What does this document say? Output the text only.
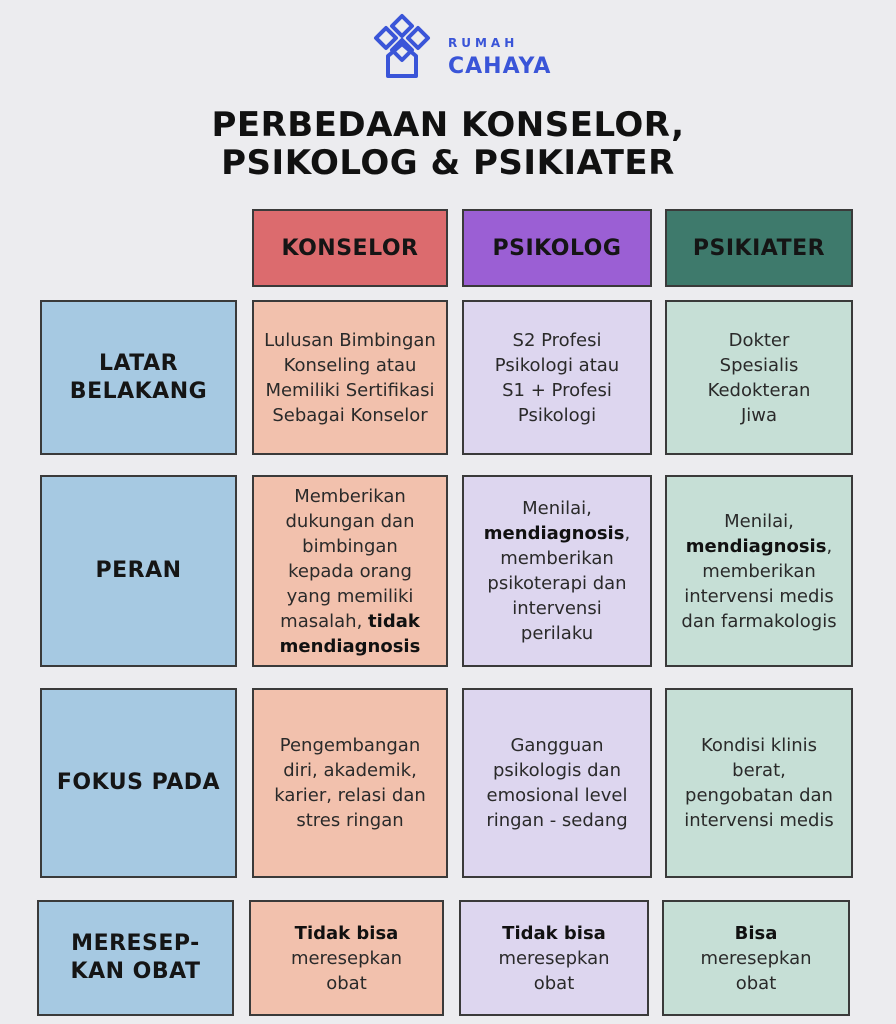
RUMAH
CAHAYA
PERBEDAAN KONSELOR,
PSIKOLOG & PSIKIATER
KONSELOR	PSIKOLOG	PSIKIATER
LATAR
BELAKANG
Lulusan Bimbingan Konseling atau Memiliki Sertifikasi Sebagai Konselor
S2 Profesi Psikologi atau S1 + Profesi Psikologi
Dokter Spesialis Kedokteran Jiwa
PERAN
Memberikan dukungan dan bimbingan kepada orang yang memiliki masalah, tidak mendiagnosis
Menilai, mendiagnosis, memberikan psikoterapi dan intervensi perilaku
Menilai, mendiagnosis, memberikan intervensi medis dan farmakologis
FOKUS PADA
Pengembangan diri, akademik, karier, relasi dan stres ringan
Gangguan psikologis dan emosional level ringan - sedang
Kondisi klinis berat, pengobatan dan intervensi medis
MERESEP-
KAN OBAT
Tidak bisa
meresepkan obat
Tidak bisa
meresepkan obat
Bisa
meresepkan obat
